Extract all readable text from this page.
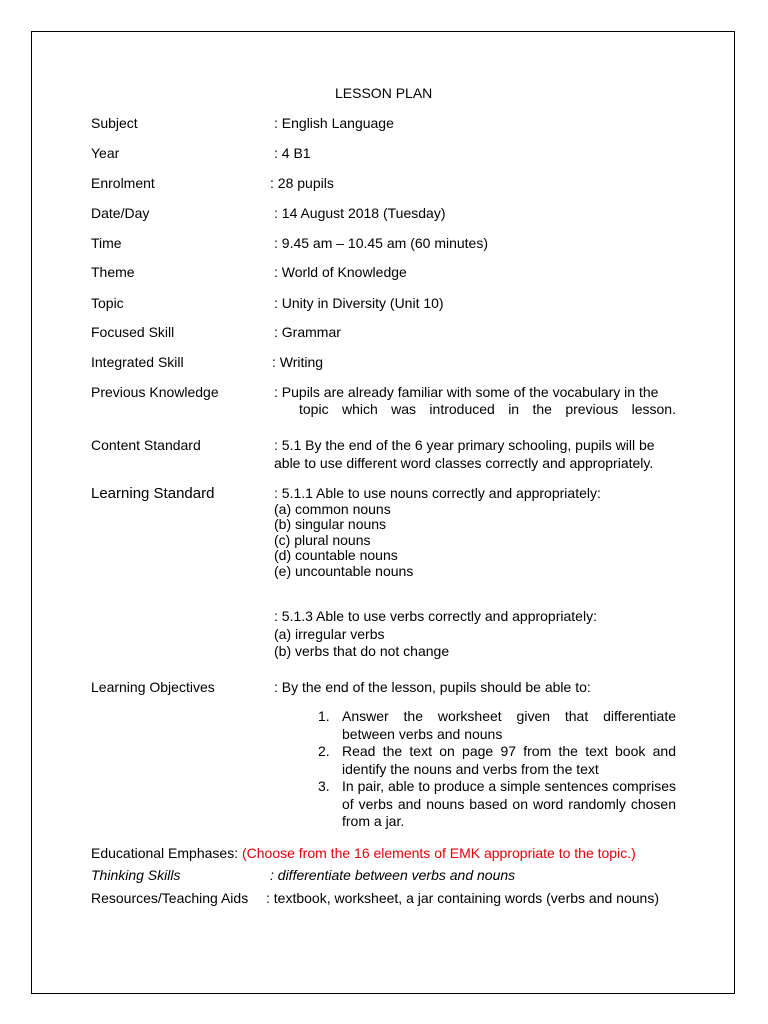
LESSON PLAN
Subject	: English Language
Year	: 4 B1
Enrolment	: 28 pupils
Date/Day	: 14 August 2018 (Tuesday)
Time	: 9.45 am – 10.45 am (60 minutes)
Theme	: World of Knowledge
Topic	: Unity in Diversity (Unit 10)
Focused Skill	: Grammar
Integrated Skill	: Writing
Previous Knowledge	: Pupils are already familiar with some of the vocabulary in the
topic which was introduced in the previous lesson.
Content Standard	: 5.1 By the end of the 6 year primary schooling, pupils will be
able to use different word classes correctly and appropriately.
Learning Standard	: 5.1.1 Able to use nouns correctly and appropriately:
(a) common nouns
(b) singular nouns
(c) plural nouns
(d) countable nouns
(e) uncountable nouns
: 5.1.3 Able to use verbs correctly and appropriately:
(a) irregular verbs
(b) verbs that do not change
Learning Objectives	: By the end of the lesson, pupils should be able to:
1. Answer the worksheet given that differentiate between verbs and nouns
2. Read the text on page 97 from the text book and identify the nouns and verbs from the text
3. In pair, able to produce a simple sentences comprises of verbs and nouns based on word randomly chosen from a jar.
Educational Emphases: (Choose from the 16 elements of EMK appropriate to the topic.)
Thinking Skills	: differentiate between verbs and nouns
Resources/Teaching Aids : textbook, worksheet, a jar containing words (verbs and nouns)
